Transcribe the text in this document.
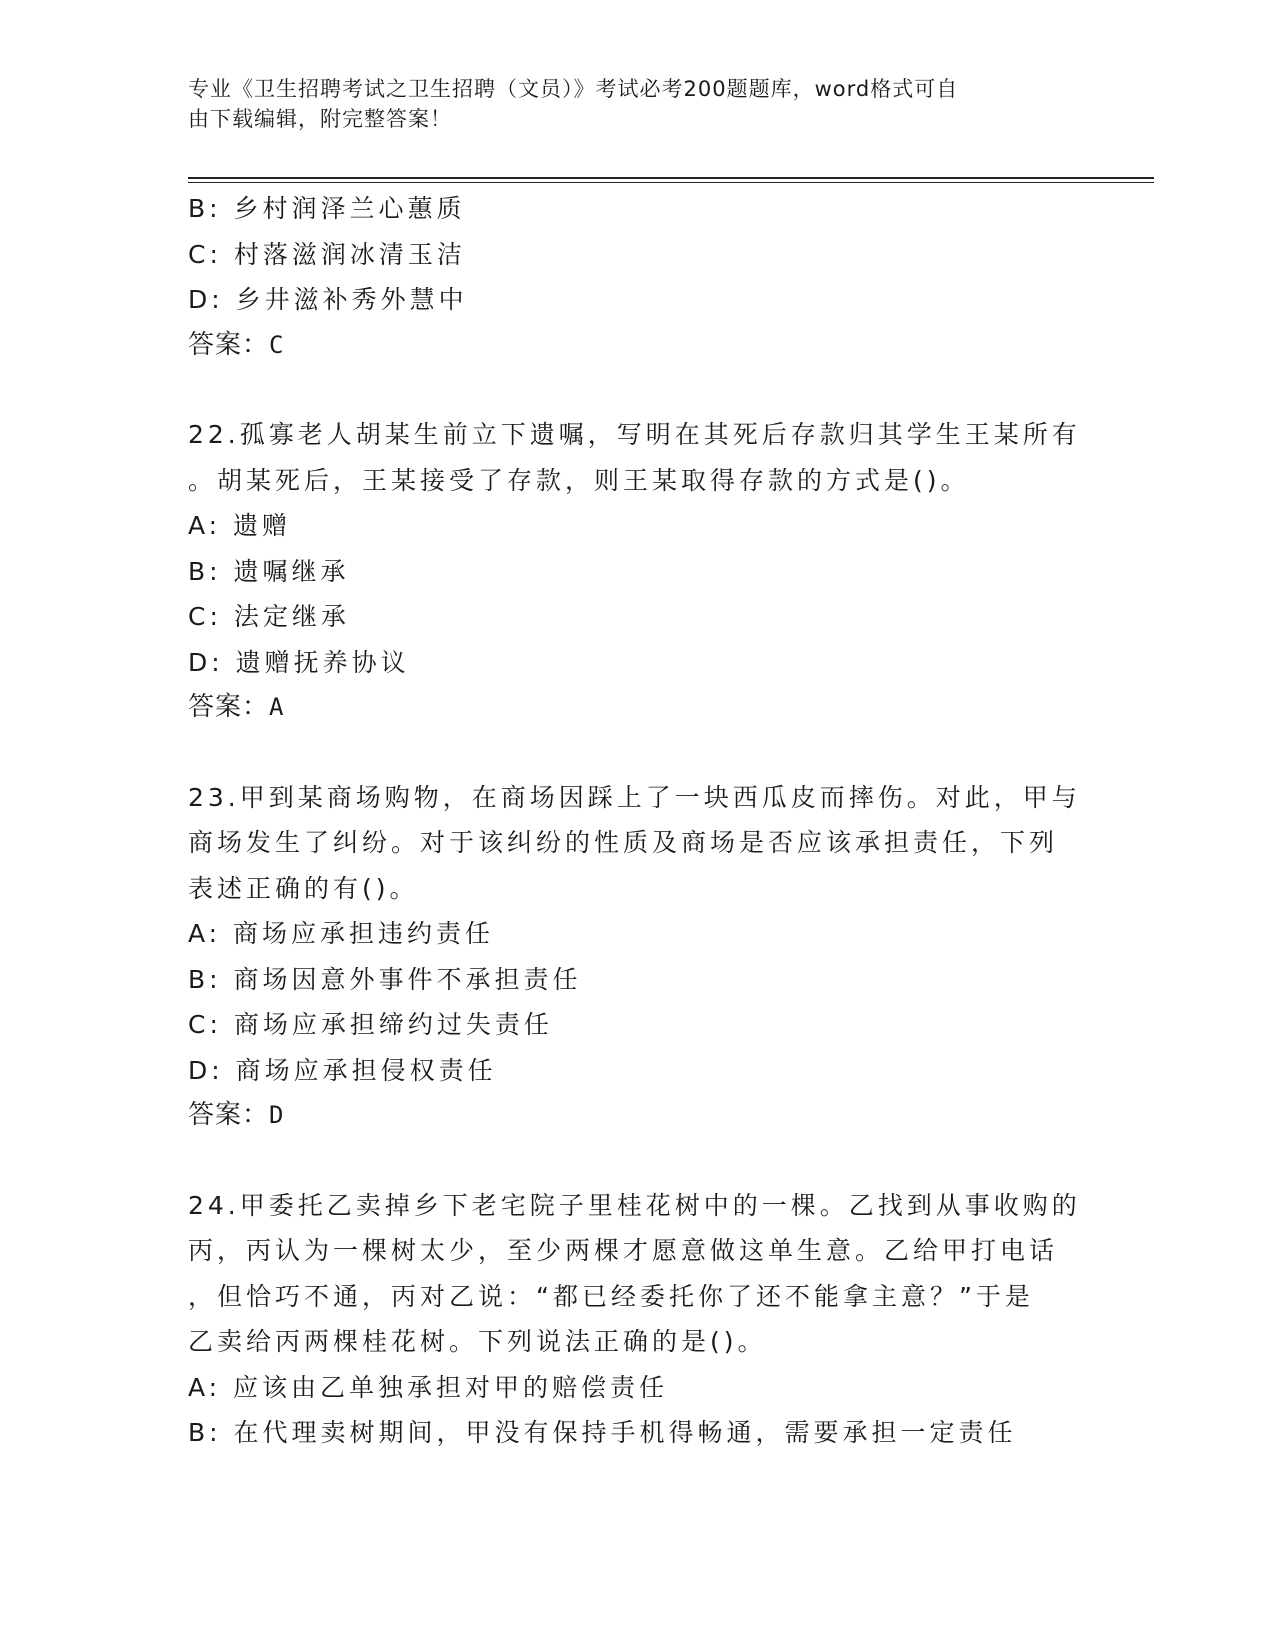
专业《卫生招聘考试之卫生招聘（文员）》考试必考200题题库，word格式可自
由下载编辑，附完整答案！
B: 乡村润泽兰心蕙质
C: 村落滋润冰清玉洁
D: 乡井滋补秀外慧中
答案：C
22.孤寡老人胡某生前立下遗嘱，写明在其死后存款归其学生王某所有
。胡某死后，王某接受了存款，则王某取得存款的方式是()。
A: 遗赠
B: 遗嘱继承
C: 法定继承
D: 遗赠抚养协议
答案：A
23.甲到某商场购物，在商场因踩上了一块西瓜皮而摔伤。对此，甲与
商场发生了纠纷。对于该纠纷的性质及商场是否应该承担责任，下列
表述正确的有()。
A: 商场应承担违约责任
B: 商场因意外事件不承担责任
C: 商场应承担缔约过失责任
D: 商场应承担侵权责任
答案：D
24.甲委托乙卖掉乡下老宅院子里桂花树中的一棵。乙找到从事收购的
丙，丙认为一棵树太少，至少两棵才愿意做这单生意。乙给甲打电话
，但恰巧不通，丙对乙说：“都已经委托你了还不能拿主意？”于是
乙卖给丙两棵桂花树。下列说法正确的是()。
A: 应该由乙单独承担对甲的赔偿责任
B: 在代理卖树期间，甲没有保持手机得畅通，需要承担一定责任
